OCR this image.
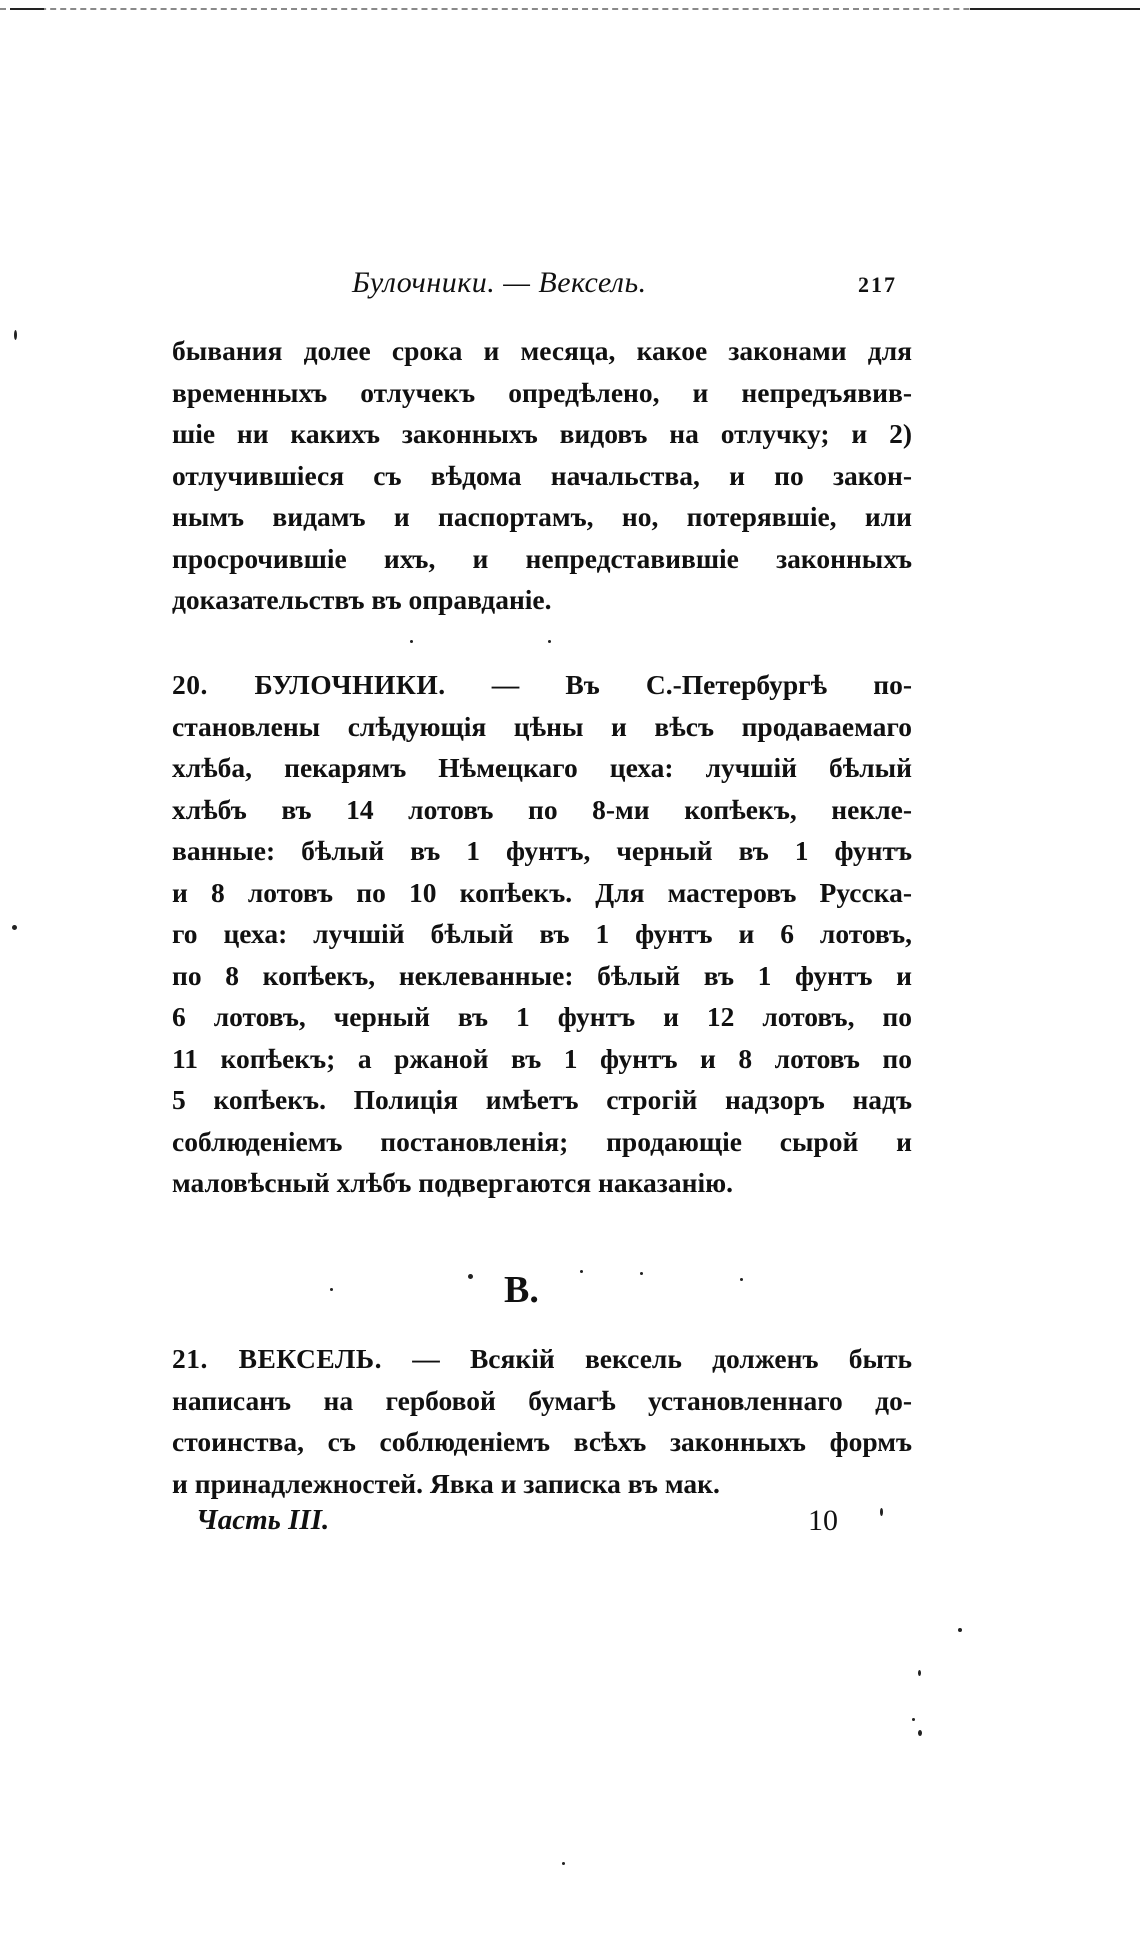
Булочники. — Вексель.	217
бывания долее срока и месяца, какое законами для
временныхъ отлучекъ опредѣлено, и непредъявив-
шіе ни какихъ законныхъ видовъ на отлучку; и 2)
отлучившіеся съ вѣдома начальства, и по закон-
нымъ видамъ и паспортамъ, но, потерявшіе, или
просрочившіе ихъ, и непредставившіе законныхъ
доказательствъ въ оправданіе.
20. БУЛОЧНИКИ. — Въ С.-Петербургѣ по-
становлены слѣдующія цѣны и вѣсъ продаваемаго
хлѣба, пекарямъ Нѣмецкаго цеха: лучшій бѣлый
хлѣбъ въ 14 лотовъ по 8-ми копѣекъ, некле-
ванные: бѣлый въ 1 фунтъ, черный въ 1 фунтъ
и 8 лотовъ по 10 копѣекъ. Для мастеровъ Русска-
го цеха: лучшій бѣлый въ 1 фунтъ и 6 лотовъ,
по 8 копѣекъ, неклеванные: бѣлый въ 1 фунтъ и
6 лотовъ, черный въ 1 фунтъ и 12 лотовъ, по
11 копѣекъ; а ржаной въ 1 фунтъ и 8 лотовъ по
5 копѣекъ. Полиція имѣетъ строгій надзоръ надъ
соблюденіемъ постановленія; продающіе сырой и
маловѣсный хлѣбъ подвергаются наказанію.
В.
21. ВЕКСЕЛЬ. — Всякій вексель долженъ быть
написанъ на гербовой бумагѣ установленнаго до-
стоинства, съ соблюденіемъ всѣхъ законныхъ формъ
и принадлежностей. Явка и записка въ мак.
Часть III.	10
